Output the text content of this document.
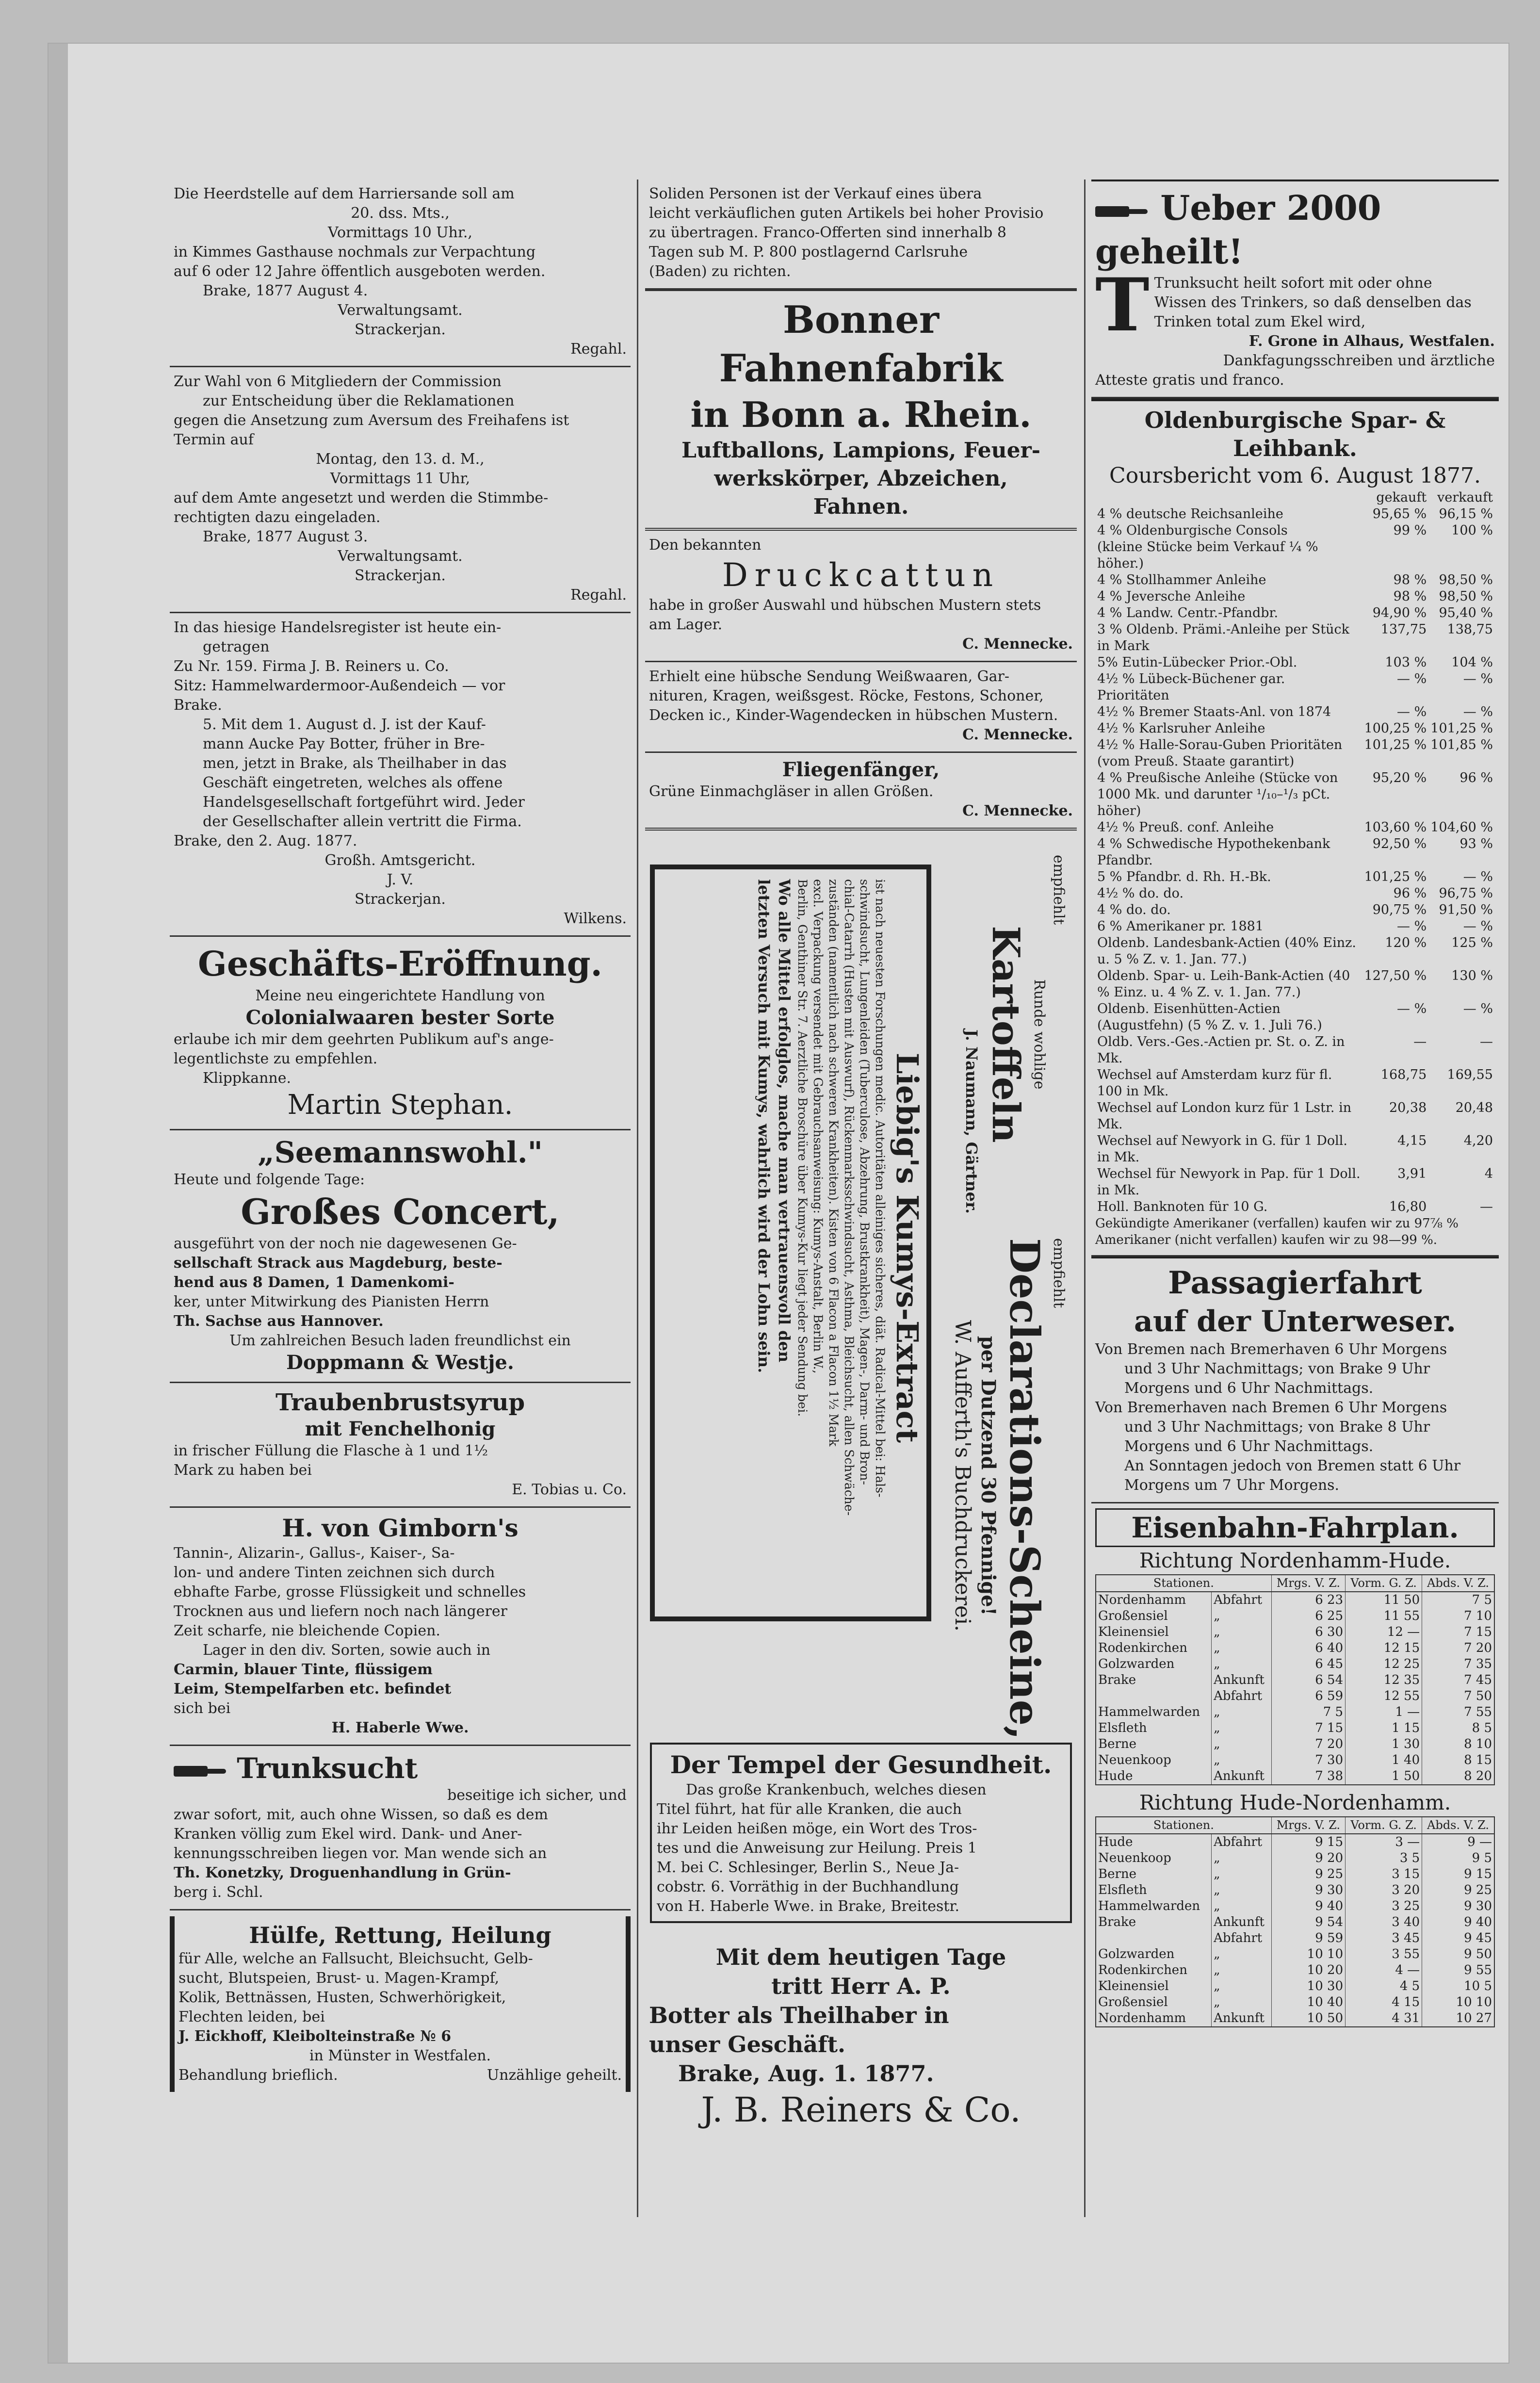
Die Heerdstelle auf dem Harriersande soll am

20. dss. Mts.,

Vormittags 10 Uhr.,

in Kimmes Gasthause nochmals zur Verpachtung

auf 6 oder 12 Jahre öffentlich ausgeboten werden.

Brake, 1877 August 4.

Verwaltungsamt.

Strackerjan.

Regahl.

Zur Wahl von 6 Mitgliedern der Commission

zur Entscheidung über die Reklamationen

gegen die Ansetzung zum Aversum des Freihafens ist

Termin auf

Montag, den 13. d. M.,

Vormittags 11 Uhr,

auf dem Amte angesetzt und werden die Stimmbe-

rechtigten dazu eingeladen.

Brake, 1877 August 3.

Verwaltungsamt.

Strackerjan.

Regahl.

In das hiesige Handelsregister ist heute ein-

getragen

Zu Nr. 159. Firma J. B. Reiners u. Co.

Sitz: Hammelwardermoor-Außendeich — vor

Brake.

5. Mit dem 1. August d. J. ist der Kauf-

mann Aucke Pay Botter, früher in Bre-

men, jetzt in Brake, als Theilhaber in das

Geschäft eingetreten, welches als offene

Handelsgesellschaft fortgeführt wird. Jeder

der Gesellschafter allein vertritt die Firma.

Brake, den 2. Aug. 1877.

Großh. Amtsgericht.

J. V.

Strackerjan.

Wilkens.

Geschäfts-Eröffnung.

Meine neu eingerichtete Handlung von

Colonialwaaren bester Sorte

erlaube ich mir dem geehrten Publikum auf's ange-

legentlichste zu empfehlen.

Klippkanne.

Martin Stephan.

„Seemannswohl."

Heute und folgende Tage:

Großes Concert,

ausgeführt von der noch nie dagewesenen Ge-

sellschaft Strack aus Magdeburg, beste-

hend aus 8 Damen, 1 Damenkomi-

ker, unter Mitwirkung des Pianisten Herrn

Th. Sachse aus Hannover.

Um zahlreichen Besuch laden freundlichst ein

Doppmann & Westje.

Traubenbrustsyrup

mit Fenchelhonig

in frischer Füllung die Flasche à 1 und 1½

Mark zu haben bei

E. Tobias u. Co.

H. von Gimborn's

Tannin-, Alizarin-, Gallus-, Kaiser-, Sa-

lon- und andere Tinten zeichnen sich durch

ebhafte Farbe, grosse Flüssigkeit und schnelles

Trocknen aus und liefern noch nach längerer

Zeit scharfe, nie bleichende Copien.

Lager in den div. Sorten, sowie auch in

Carmin, blauer Tinte, flüssigem

Leim, Stempelfarben etc. befindet

sich bei

H. Haberle Wwe.

Trunksucht

beseitige ich sicher, und

zwar sofort, mit, auch ohne Wissen, so daß es dem

Kranken völlig zum Ekel wird. Dank- und Aner-

kennungsschreiben liegen vor. Man wende sich an

Th. Konetzky, Droguenhandlung in Grün-

berg i. Schl.

Hülfe, Rettung, Heilung

für Alle, welche an Fallsucht, Bleichsucht, Gelb-

sucht, Blutspeien, Brust- u. Magen-Krampf,

Kolik, Bettnässen, Husten, Schwerhörigkeit,

Flechten leiden, bei

J. Eickhoff, Kleibolteinstraße № 6

in Münster in Westfalen.

Behandlung brieflich.	Unzählige geheilt.

Soliden Personen ist der Verkauf eines übera

leicht verkäuflichen guten Artikels bei hoher Provisio

zu übertragen. Franco-Offerten sind innerhalb 8

Tagen sub M. P. 800 postlagernd Carlsruhe

(Baden) zu richten.

Bonner Fahnenfabrik

in Bonn a. Rhein.

Luftballons, Lampions, Feuer-

werkskörper, Abzeichen,

Fahnen.

Den bekannten

Druckcattun

habe in großer Auswahl und hübschen Mustern stets

am Lager.

C. Mennecke.

Erhielt eine hübsche Sendung Weißwaaren, Gar-

nituren, Kragen, weißsgest. Röcke, Festons, Schoner,

Decken ic., Kinder-Wagendecken in hübschen Mustern.

C. Mennecke.

Fliegenfänger,

Grüne Einmachgläser in allen Größen.

C. Mennecke.

Liebig's Kumys-Extract

ist nach neuesten Forschungen medic. Autoritäten alleiniges sicheres, diät. Radical-Mittel bei: Hals-

schwindsucht, Lungenleiden (Tuberculose, Abzehrung, Brustkrankheit), Magen-, Darm- und Bron-

chial-Catarrh (Husten mit Auswurf), Rückenmarksschwindsucht, Asthma, Bleichsucht, allen Schwäche-

zuständen (namentlich nach schweren Krankheiten). Kisten von 6 Flacon a Flacon 1½ Mark

excl. Verpackung versendet mit Gebrauchsanweisung: Kumys-Anstalt, Berlin W.,

Berlin, Genthiner Str. 7. Aerztliche Broschüre über Kumys-Kur liegt jeder Sendung bei.

Wo alle Mittel erfolglos, mache man vertrauensvoll den

letzten Versuch mit Kumys, wahrlich wird der Lohn sein.	empfiehlt

Runde wohlige

Kartoffeln

J. Naumann, Gärtner.

empfiehlt

Declarations-Scheine,

per Dutzend 30 Pfennige!

W. Aufferth's Buchdruckerei.

Der Tempel der Gesundheit.

Das große Krankenbuch, welches diesen

Titel führt, hat für alle Kranken, die auch

ihr Leiden heißen möge, ein Wort des Tros-

tes und die Anweisung zur Heilung. Preis 1

M. bei C. Schlesinger, Berlin S., Neue Ja-

cobstr. 6. Vorräthig in der Buchhandlung

von H. Haberle Wwe. in Brake, Breitestr.

Mit dem heutigen Tage

tritt Herr A. P.

Botter als Theilhaber in

unser Geschäft.

Brake, Aug. 1. 1877.

J. B. Reiners & Co.

Ueber 2000 geheilt!

T Trunksucht heilt sofort mit oder ohne

Wissen des Trinkers, so daß denselben das

Trinken total zum Ekel wird,

F. Grone in Alhaus, Westfalen.

Dankfagungsschreiben und ärztliche

Atteste gratis und franco.

Oldenburgische Spar- & Leihbank.

Coursbericht vom 6. August 1877.

	gekauft	verkauft
4 % deutsche Reichsanleihe	95,65 %	96,15 %
4 % Oldenburgische Consols	99 %	100 %
(kleine Stücke beim Verkauf ¼ % höher.)		
4 % Stollhammer Anleihe	98 %	98,50 %
4 % Jeversche Anleihe	98 %	98,50 %
4 % Landw. Centr.-Pfandbr.	94,90 %	95,40 %
3 % Oldenb. Prämi.-Anleihe per Stück in Mark	137,75	138,75
5% Eutin-Lübecker Prior.-Obl.	103 %	104 %
4½ % Lübeck-Büchener gar. Prioritäten	— %	— %
4½ % Bremer Staats-Anl. von 1874	— %	— %
4½ % Karlsruher Anleihe	100,25 %	101,25 %
4½ % Halle-Sorau-Guben Prioritäten (vom Preuß. Staate garantirt)	101,25 %	101,85 %
4 % Preußische Anleihe (Stücke von 1000 Mk. und darunter ¹/₁₀–¹/₃ pCt. höher)	95,20 %	96 %
4½ % Preuß. conf. Anleihe	103,60 %	104,60 %
4 % Schwedische Hypothekenbank Pfandbr.	92,50 %	93 %
5 % Pfandbr. d. Rh. H.-Bk.	101,25 %	— %
4½ % do. do.	96 %	96,75 %
4 % do. do.	90,75 %	91,50 %
6 % Amerikaner pr. 1881	— %	— %
Oldenb. Landesbank-Actien (40% Einz. u. 5 % Z. v. 1. Jan. 77.)	120 %	125 %
Oldenb. Spar- u. Leih-Bank-Actien (40 % Einz. u. 4 % Z. v. 1. Jan. 77.)	127,50 %	130 %
Oldenb. Eisenhütten-Actien (Augustfehn) (5 % Z. v. 1. Juli 76.)	— %	— %
Oldb. Vers.-Ges.-Actien pr. St. o. Z. in Mk.	—	—
Wechsel auf Amsterdam kurz für fl. 100 in Mk.	168,75	169,55
Wechsel auf London kurz für 1 Lstr. in Mk.	20,38	20,48
Wechsel auf Newyork in G. für 1 Doll. in Mk.	4,15	4,20
Wechsel für Newyork in Pap. für 1 Doll. in Mk.	3,91	4
Holl. Banknoten für 10 G.	16,80	—

Gekündigte Amerikaner (verfallen) kaufen wir zu 97⅞ %

Amerikaner (nicht verfallen) kaufen wir zu 98—99 %.

Passagierfahrt

auf der Unterweser.

Von Bremen nach Bremerhaven 6 Uhr Morgens

und 3 Uhr Nachmittags; von Brake 9 Uhr

Morgens und 6 Uhr Nachmittags.

Von Bremerhaven nach Bremen 6 Uhr Morgens

und 3 Uhr Nachmittags; von Brake 8 Uhr

Morgens und 6 Uhr Nachmittags.

An Sonntagen jedoch von Bremen statt 6 Uhr

Morgens um 7 Uhr Morgens.

Eisenbahn-Fahrplan.

Richtung Nordenhamm-Hude.

Stationen.		Mrgs. V. Z.	Vorm. G. Z.	Abds. V. Z.
Nordenhamm	Abfahrt	6 23	11 50	7 5
Großensiel	„	6 25	11 55	7 10
Kleinensiel	„	6 30	12 —	7 15
Rodenkirchen	„	6 40	12 15	7 20
Golzwarden	„	6 45	12 25	7 35
Brake	Ankunft	6 54	12 35	7 45
	Abfahrt	6 59	12 55	7 50
Hammelwarden	„	7 5	1 —	7 55
Elsfleth	„	7 15	1 15	8 5
Berne	„	7 20	1 30	8 10
Neuenkoop	„	7 30	1 40	8 15
Hude	Ankunft	7 38	1 50	8 20

Richtung Hude-Nordenhamm.

Stationen.		Mrgs. V. Z.	Vorm. G. Z.	Abds. V. Z.
Hude	Abfahrt	9 15	3 —	9 —
Neuenkoop	„	9 20	3 5	9 5
Berne	„	9 25	3 15	9 15
Elsfleth	„	9 30	3 20	9 25
Hammelwarden	„	9 40	3 25	9 30
Brake	Ankunft	9 54	3 40	9 40
	Abfahrt	9 59	3 45	9 45
Golzwarden	„	10 10	3 55	9 50
Rodenkirchen	„	10 20	4 —	9 55
Kleinensiel	„	10 30	4 5	10 5
Großensiel	„	10 40	4 15	10 10
Nordenhamm	Ankunft	10 50	4 31	10 27
